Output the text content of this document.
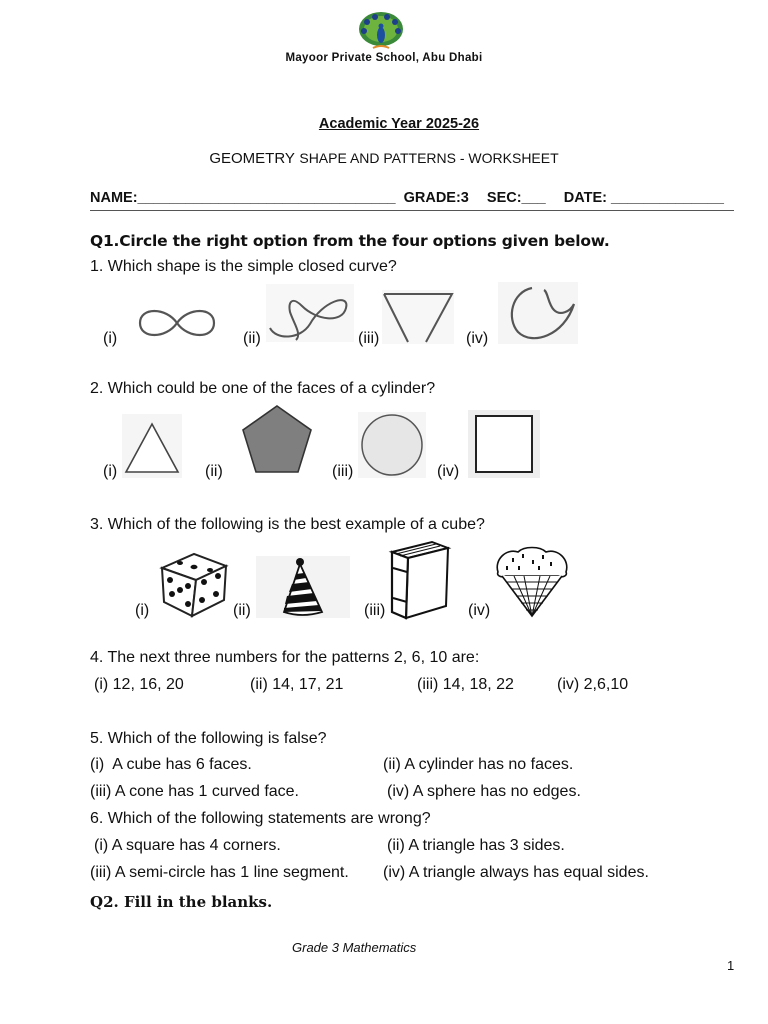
Mayoor Private School, Abu Dhabi
Academic Year 2025-26
GEOMETRY SHAPE AND PATTERNS - WORKSHEET
NAME:________________________________ GRADE:3 SEC:___ DATE: ______________
Q1.Circle the right option from the four options given below.
1. Which shape is the simple closed curve?
(i)	(ii)	(iii)	(iv)
2. Which could be one of the faces of a cylinder?
(i)	(ii)	(iii)	(iv)
3. Which of the following is the best example of a cube?
(i)	(ii)	(iii)	(iv)
4. The next three numbers for the patterns 2, 6, 10 are:
(i) 12, 16, 20	(ii) 14, 17, 21	(iii) 14, 18, 22	(iv) 2,6,10
5. Which of the following is false?
(i)  A cube has 6 faces.	(ii) A cylinder has no faces.
(iii) A cone has 1 curved face.	(iv) A sphere has no edges.
6. Which of the following statements are wrong?
(i) A square has 4 corners.	(ii) A triangle has 3 sides.
(iii) A semi-circle has 1 line segment. (iv) A triangle always has equal sides.
Q2. Fill in the blanks.
Grade 3 Mathematics
1
